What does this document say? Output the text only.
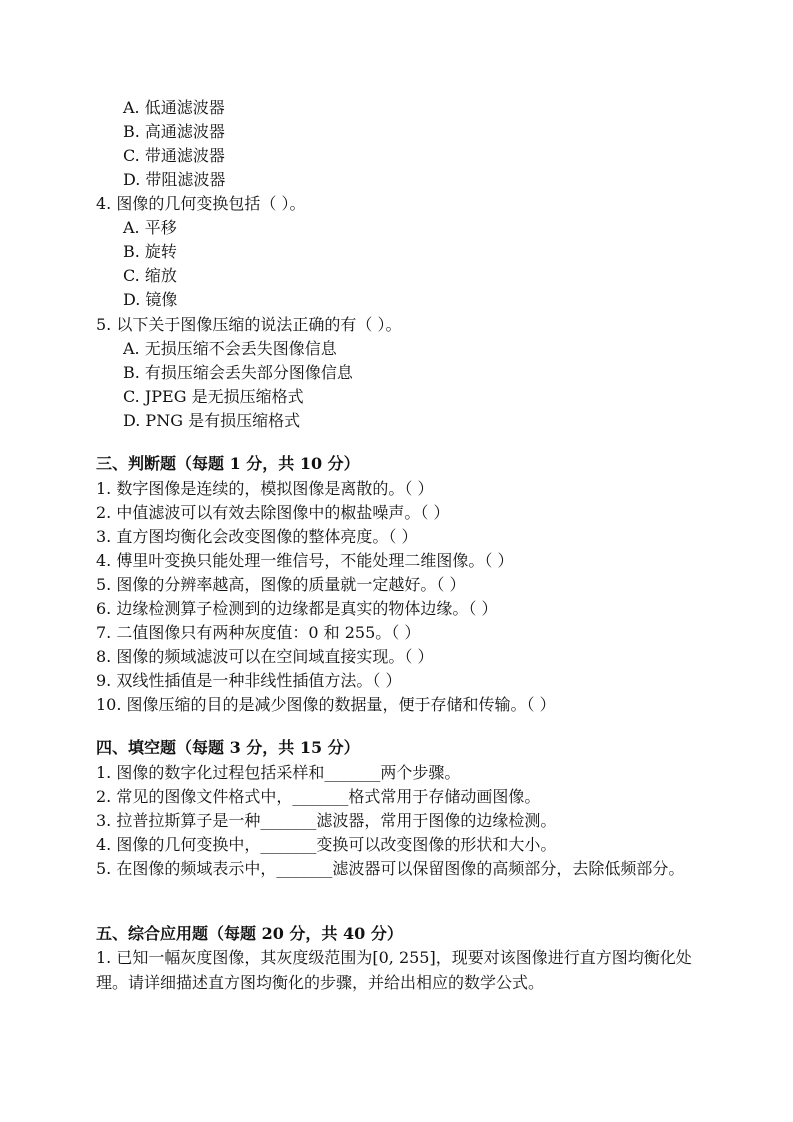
A. 低通滤波器
B. 高通滤波器
C. 带通滤波器
D. 带阻滤波器
4. 图像的几何变换包括（ ）。
A. 平移
B. 旋转
C. 缩放
D. 镜像
5. 以下关于图像压缩的说法正确的有（ ）。
A. 无损压缩不会丢失图像信息
B. 有损压缩会丢失部分图像信息
C. JPEG 是无损压缩格式
D. PNG 是有损压缩格式
三、判断题（每题 1 分，共 10 分）
1. 数字图像是连续的，模拟图像是离散的。（ ）
2. 中值滤波可以有效去除图像中的椒盐噪声。（ ）
3. 直方图均衡化会改变图像的整体亮度。（ ）
4. 傅里叶变换只能处理一维信号，不能处理二维图像。（ ）
5. 图像的分辨率越高，图像的质量就一定越好。（ ）
6. 边缘检测算子检测到的边缘都是真实的物体边缘。（ ）
7. 二值图像只有两种灰度值：0 和 255。（ ）
8. 图像的频域滤波可以在空间域直接实现。（ ）
9. 双线性插值是一种非线性插值方法。（ ）
10. 图像压缩的目的是减少图像的数据量，便于存储和传输。（ ）
四、填空题（每题 3 分，共 15 分）
1. 图像的数字化过程包括采样和_______两个步骤。
2. 常见的图像文件格式中，_______格式常用于存储动画图像。
3. 拉普拉斯算子是一种_______滤波器，常用于图像的边缘检测。
4. 图像的几何变换中，_______变换可以改变图像的形状和大小。
5. 在图像的频域表示中，_______滤波器可以保留图像的高频部分，去除低频部分。
五、综合应用题（每题 20 分，共 40 分）
1. 已知一幅灰度图像，其灰度级范围为[0, 255]，现要对该图像进行直方图均衡化处理。请详细描述直方图均衡化的步骤，并给出相应的数学公式。
